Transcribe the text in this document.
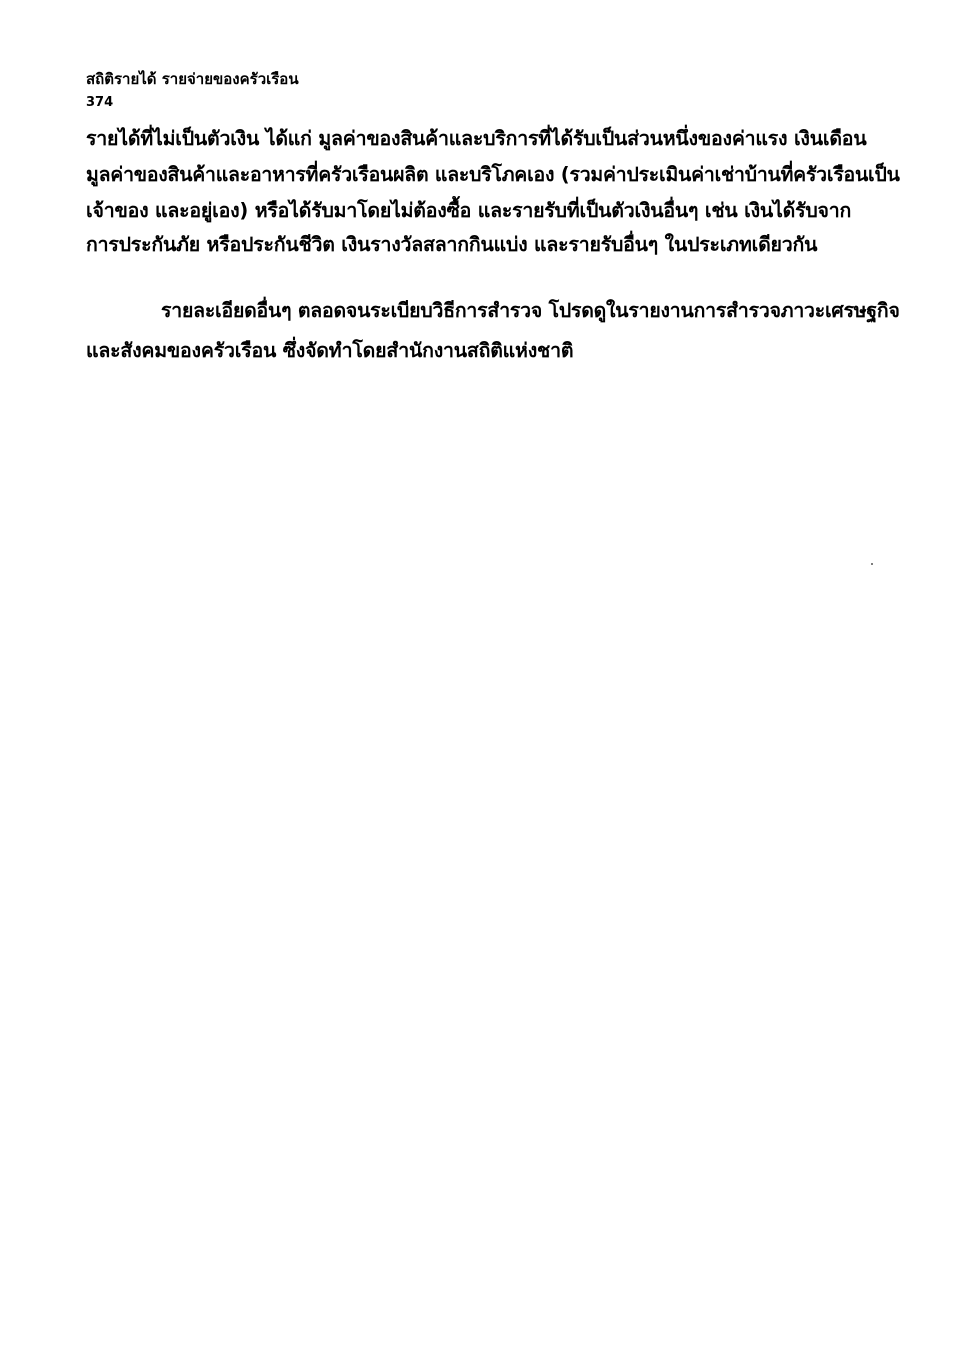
สถิติรายได้ รายจ่ายของครัวเรือน
374
รายได้ที่ไม่เป็นตัวเงิน ได้แก่ มูลค่าของสินค้าและบริการที่ได้รับเป็นส่วนหนึ่งของค่าแรง เงินเดือน
มูลค่าของสินค้าและอาหารที่ครัวเรือนผลิต และบริโภคเอง (รวมค่าประเมินค่าเช่าบ้านที่ครัวเรือนเป็น
เจ้าของ และอยู่เอง) หรือได้รับมาโดยไม่ต้องซื้อ และรายรับที่เป็นตัวเงินอื่นๆ เช่น เงินได้รับจาก
การประกันภัย หรือประกันชีวิต เงินรางวัลสลากกินแบ่ง และรายรับอื่นๆ ในประเภทเดียวกัน
รายละเอียดอื่นๆ ตลอดจนระเบียบวิธีการสำรวจ โปรดดูในรายงานการสำรวจภาวะเศรษฐกิจ
และสังคมของครัวเรือน ซึ่งจัดทำโดยสำนักงานสถิติแห่งชาติ
